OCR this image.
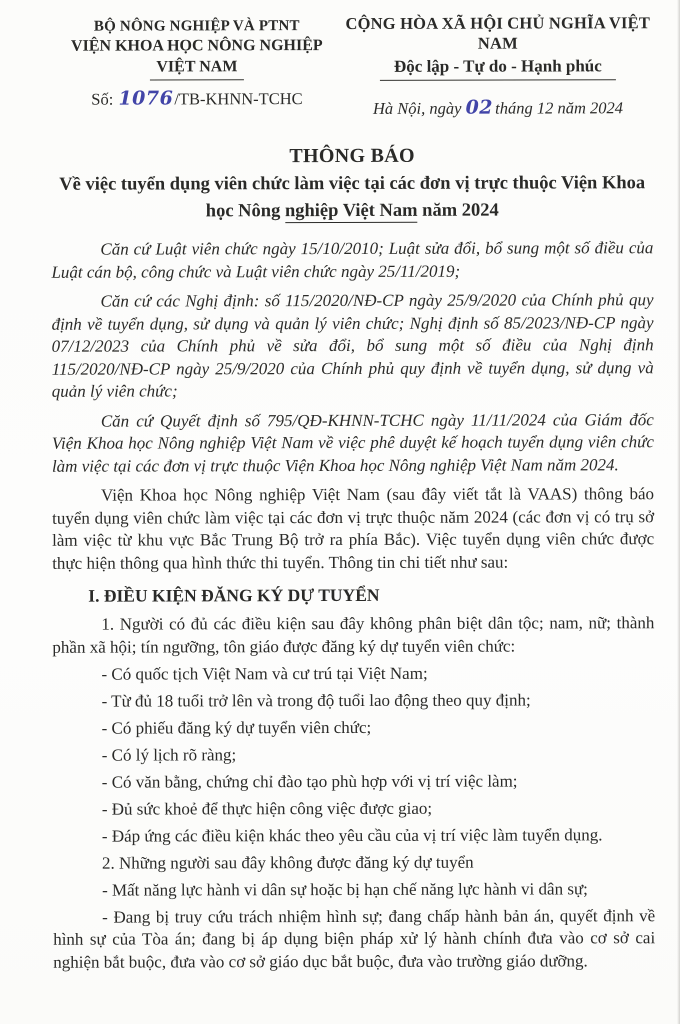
BỘ NÔNG NGHIỆP VÀ PTNT
VIỆN KHOA HỌC NÔNG NGHIỆP
VIỆT NAM
Số: 1076/TB-KHNN-TCHC
CỘNG HÒA XÃ HỘI CHỦ NGHĨA VIỆT NAM
Độc lập - Tự do - Hạnh phúc
Hà Nội, ngày 02 tháng 12 năm 2024
THÔNG BÁO
Về việc tuyển dụng viên chức làm việc tại các đơn vị trực thuộc Viện Khoa
học Nông nghiệp Việt Nam năm 2024
Căn cứ Luật viên chức ngày 15/10/2010; Luật sửa đổi, bổ sung một số điều của Luật cán bộ, công chức và Luật viên chức ngày 25/11/2019;
Căn cứ các Nghị định: số 115/2020/NĐ-CP ngày 25/9/2020 của Chính phủ quy định về tuyển dụng, sử dụng và quản lý viên chức; Nghị định số 85/2023/NĐ-CP ngày 07/12/2023 của Chính phủ về sửa đổi, bổ sung một số điều của Nghị định 115/2020/NĐ-CP ngày 25/9/2020 của Chính phủ quy định về tuyển dụng, sử dụng và quản lý viên chức;
Căn cứ Quyết định số 795/QĐ-KHNN-TCHC ngày 11/11/2024 của Giám đốc Viện Khoa học Nông nghiệp Việt Nam về việc phê duyệt kế hoạch tuyển dụng viên chức làm việc tại các đơn vị trực thuộc Viện Khoa học Nông nghiệp Việt Nam năm 2024.
Viện Khoa học Nông nghiệp Việt Nam (sau đây viết tắt là VAAS) thông báo tuyển dụng viên chức làm việc tại các đơn vị trực thuộc năm 2024 (các đơn vị có trụ sở làm việc từ khu vực Bắc Trung Bộ trở ra phía Bắc). Việc tuyển dụng viên chức được thực hiện thông qua hình thức thi tuyển. Thông tin chi tiết như sau:
I. ĐIỀU KIỆN ĐĂNG KÝ DỰ TUYỂN
1. Người có đủ các điều kiện sau đây không phân biệt dân tộc; nam, nữ; thành phần xã hội; tín ngưỡng, tôn giáo được đăng ký dự tuyển viên chức:
- Có quốc tịch Việt Nam và cư trú tại Việt Nam;
- Từ đủ 18 tuổi trở lên và trong độ tuổi lao động theo quy định;
- Có phiếu đăng ký dự tuyển viên chức;
- Có lý lịch rõ ràng;
- Có văn bằng, chứng chỉ đào tạo phù hợp với vị trí việc làm;
- Đủ sức khoẻ để thực hiện công việc được giao;
- Đáp ứng các điều kiện khác theo yêu cầu của vị trí việc làm tuyển dụng.
2. Những người sau đây không được đăng ký dự tuyển
- Mất năng lực hành vi dân sự hoặc bị hạn chế năng lực hành vi dân sự;
- Đang bị truy cứu trách nhiệm hình sự; đang chấp hành bản án, quyết định về hình sự của Tòa án; đang bị áp dụng biện pháp xử lý hành chính đưa vào cơ sở cai nghiện bắt buộc, đưa vào cơ sở giáo dục bắt buộc, đưa vào trường giáo dưỡng.
